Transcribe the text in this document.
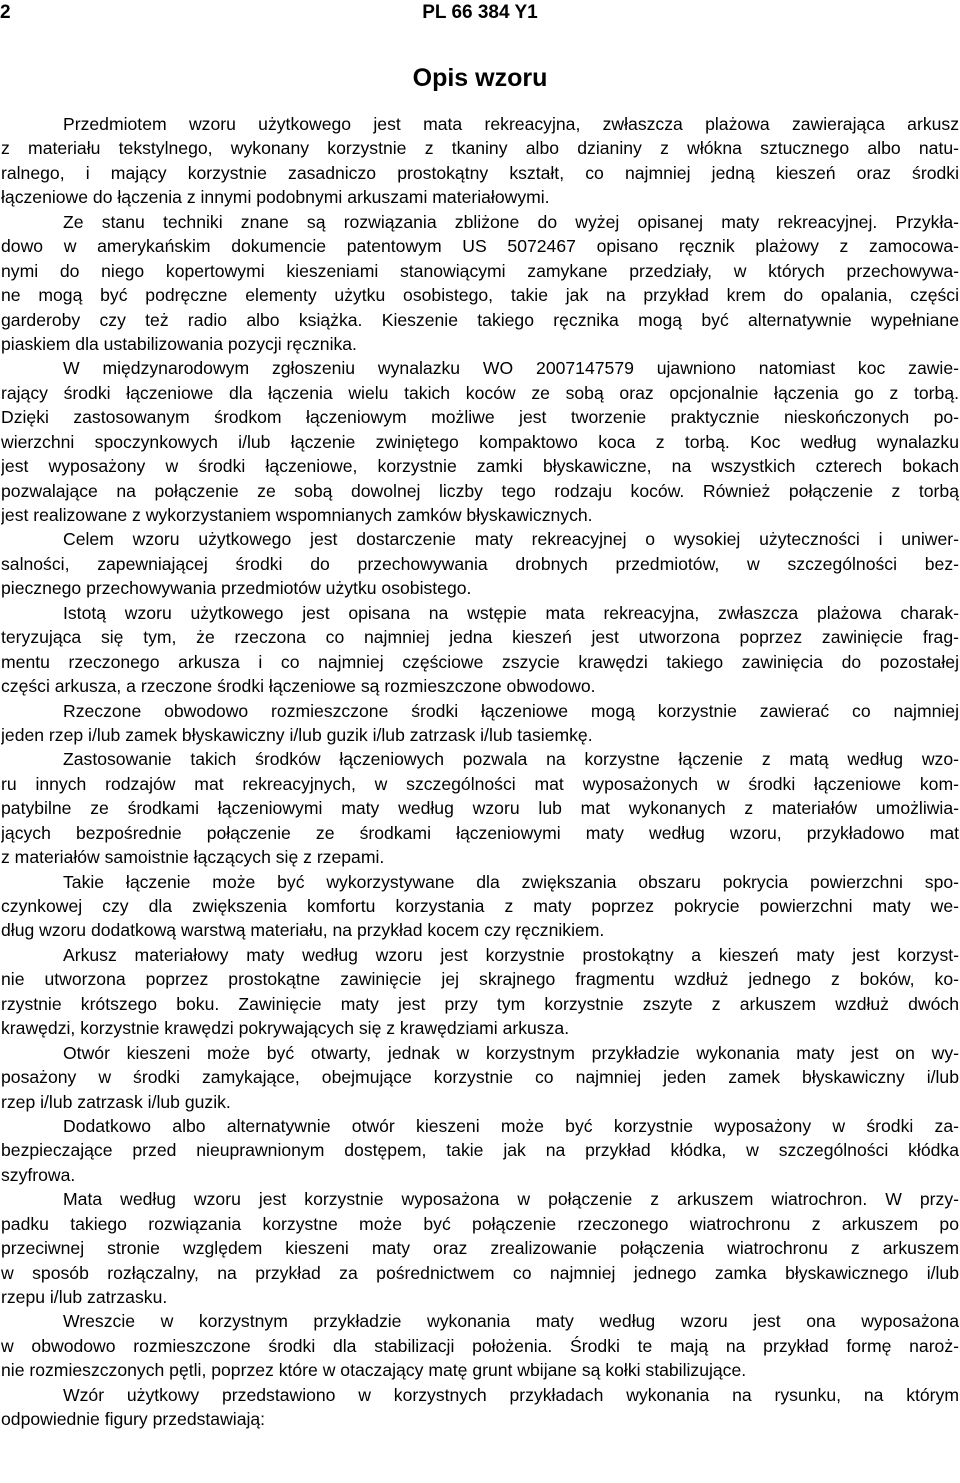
2	PL 66 384 Y1
Opis wzoru
Przedmiotem wzoru użytkowego jest mata rekreacyjna, zwłaszcza plażowa zawierająca arkusz
z materiału tekstylnego, wykonany korzystnie z tkaniny albo dzianiny z włókna sztucznego albo natu-
ralnego, i mający korzystnie zasadniczo prostokątny kształt, co najmniej jedną kieszeń oraz środki
łączeniowe do łączenia z innymi podobnymi arkuszami materiałowymi.
Ze stanu techniki znane są rozwiązania zbliżone do wyżej opisanej maty rekreacyjnej. Przykła-
dowo w amerykańskim dokumencie patentowym US 5072467 opisano ręcznik plażowy z zamocowa-
nymi do niego kopertowymi kieszeniami stanowiącymi zamykane przedziały, w których przechowywa-
ne mogą być podręczne elementy użytku osobistego, takie jak na przykład krem do opalania, części
garderoby czy też radio albo książka. Kieszenie takiego ręcznika mogą być alternatywnie wypełniane
piaskiem dla ustabilizowania pozycji ręcznika.
W międzynarodowym zgłoszeniu wynalazku WO 2007147579 ujawniono natomiast koc zawie-
rający środki łączeniowe dla łączenia wielu takich koców ze sobą oraz opcjonalnie łączenia go z torbą.
Dzięki zastosowanym środkom łączeniowym możliwe jest tworzenie praktycznie nieskończonych po-
wierzchni spoczynkowych i/lub łączenie zwiniętego kompaktowo koca z torbą. Koc według wynalazku
jest wyposażony w środki łączeniowe, korzystnie zamki błyskawiczne, na wszystkich czterech bokach
pozwalające na połączenie ze sobą dowolnej liczby tego rodzaju koców. Również połączenie z torbą
jest realizowane z wykorzystaniem wspomnianych zamków błyskawicznych.
Celem wzoru użytkowego jest dostarczenie maty rekreacyjnej o wysokiej użyteczności i uniwer-
salności, zapewniającej środki do przechowywania drobnych przedmiotów, w szczególności bez-
piecznego przechowywania przedmiotów użytku osobistego.
Istotą wzoru użytkowego jest opisana na wstępie mata rekreacyjna, zwłaszcza plażowa charak-
teryzująca się tym, że rzeczona co najmniej jedna kieszeń jest utworzona poprzez zawinięcie frag-
mentu rzeczonego arkusza i co najmniej częściowe zszycie krawędzi takiego zawinięcia do pozostałej
części arkusza, a rzeczone środki łączeniowe są rozmieszczone obwodowo.
Rzeczone obwodowo rozmieszczone środki łączeniowe mogą korzystnie zawierać co najmniej
jeden rzep i/lub zamek błyskawiczny i/lub guzik i/lub zatrzask i/lub tasiemkę.
Zastosowanie takich środków łączeniowych pozwala na korzystne łączenie z matą według wzo-
ru innych rodzajów mat rekreacyjnych, w szczególności mat wyposażonych w środki łączeniowe kom-
patybilne ze środkami łączeniowymi maty według wzoru lub mat wykonanych z materiałów umożliwia-
jących bezpośrednie połączenie ze środkami łączeniowymi maty według wzoru, przykładowo mat
z materiałów samoistnie łączących się z rzepami.
Takie łączenie może być wykorzystywane dla zwiększania obszaru pokrycia powierzchni spo-
czynkowej czy dla zwiększenia komfortu korzystania z maty poprzez pokrycie powierzchni maty we-
dług wzoru dodatkową warstwą materiału, na przykład kocem czy ręcznikiem.
Arkusz materiałowy maty według wzoru jest korzystnie prostokątny a kieszeń maty jest korzyst-
nie utworzona poprzez prostokątne zawinięcie jej skrajnego fragmentu wzdłuż jednego z boków, ko-
rzystnie krótszego boku. Zawinięcie maty jest przy tym korzystnie zszyte z arkuszem wzdłuż dwóch
krawędzi, korzystnie krawędzi pokrywających się z krawędziami arkusza.
Otwór kieszeni może być otwarty, jednak w korzystnym przykładzie wykonania maty jest on wy-
posażony w środki zamykające, obejmujące korzystnie co najmniej jeden zamek błyskawiczny i/lub
rzep i/lub zatrzask i/lub guzik.
Dodatkowo albo alternatywnie otwór kieszeni może być korzystnie wyposażony w środki za-
bezpieczające przed nieuprawnionym dostępem, takie jak na przykład kłódka, w szczególności kłódka
szyfrowa.
Mata według wzoru jest korzystnie wyposażona w połączenie z arkuszem wiatrochron. W przy-
padku takiego rozwiązania korzystne może być połączenie rzeczonego wiatrochronu z arkuszem po
przeciwnej stronie względem kieszeni maty oraz zrealizowanie połączenia wiatrochronu z arkuszem
w sposób rozłączalny, na przykład za pośrednictwem co najmniej jednego zamka błyskawicznego i/lub
rzepu i/lub zatrzasku.
Wreszcie w korzystnym przykładzie wykonania maty według wzoru jest ona wyposażona
w obwodowo rozmieszczone środki dla stabilizacji położenia. Środki te mają na przykład formę naroż-
nie rozmieszczonych pętli, poprzez które w otaczający matę grunt wbijane są kołki stabilizujące.
Wzór użytkowy przedstawiono w korzystnych przykładach wykonania na rysunku, na którym
odpowiednie figury przedstawiają:
